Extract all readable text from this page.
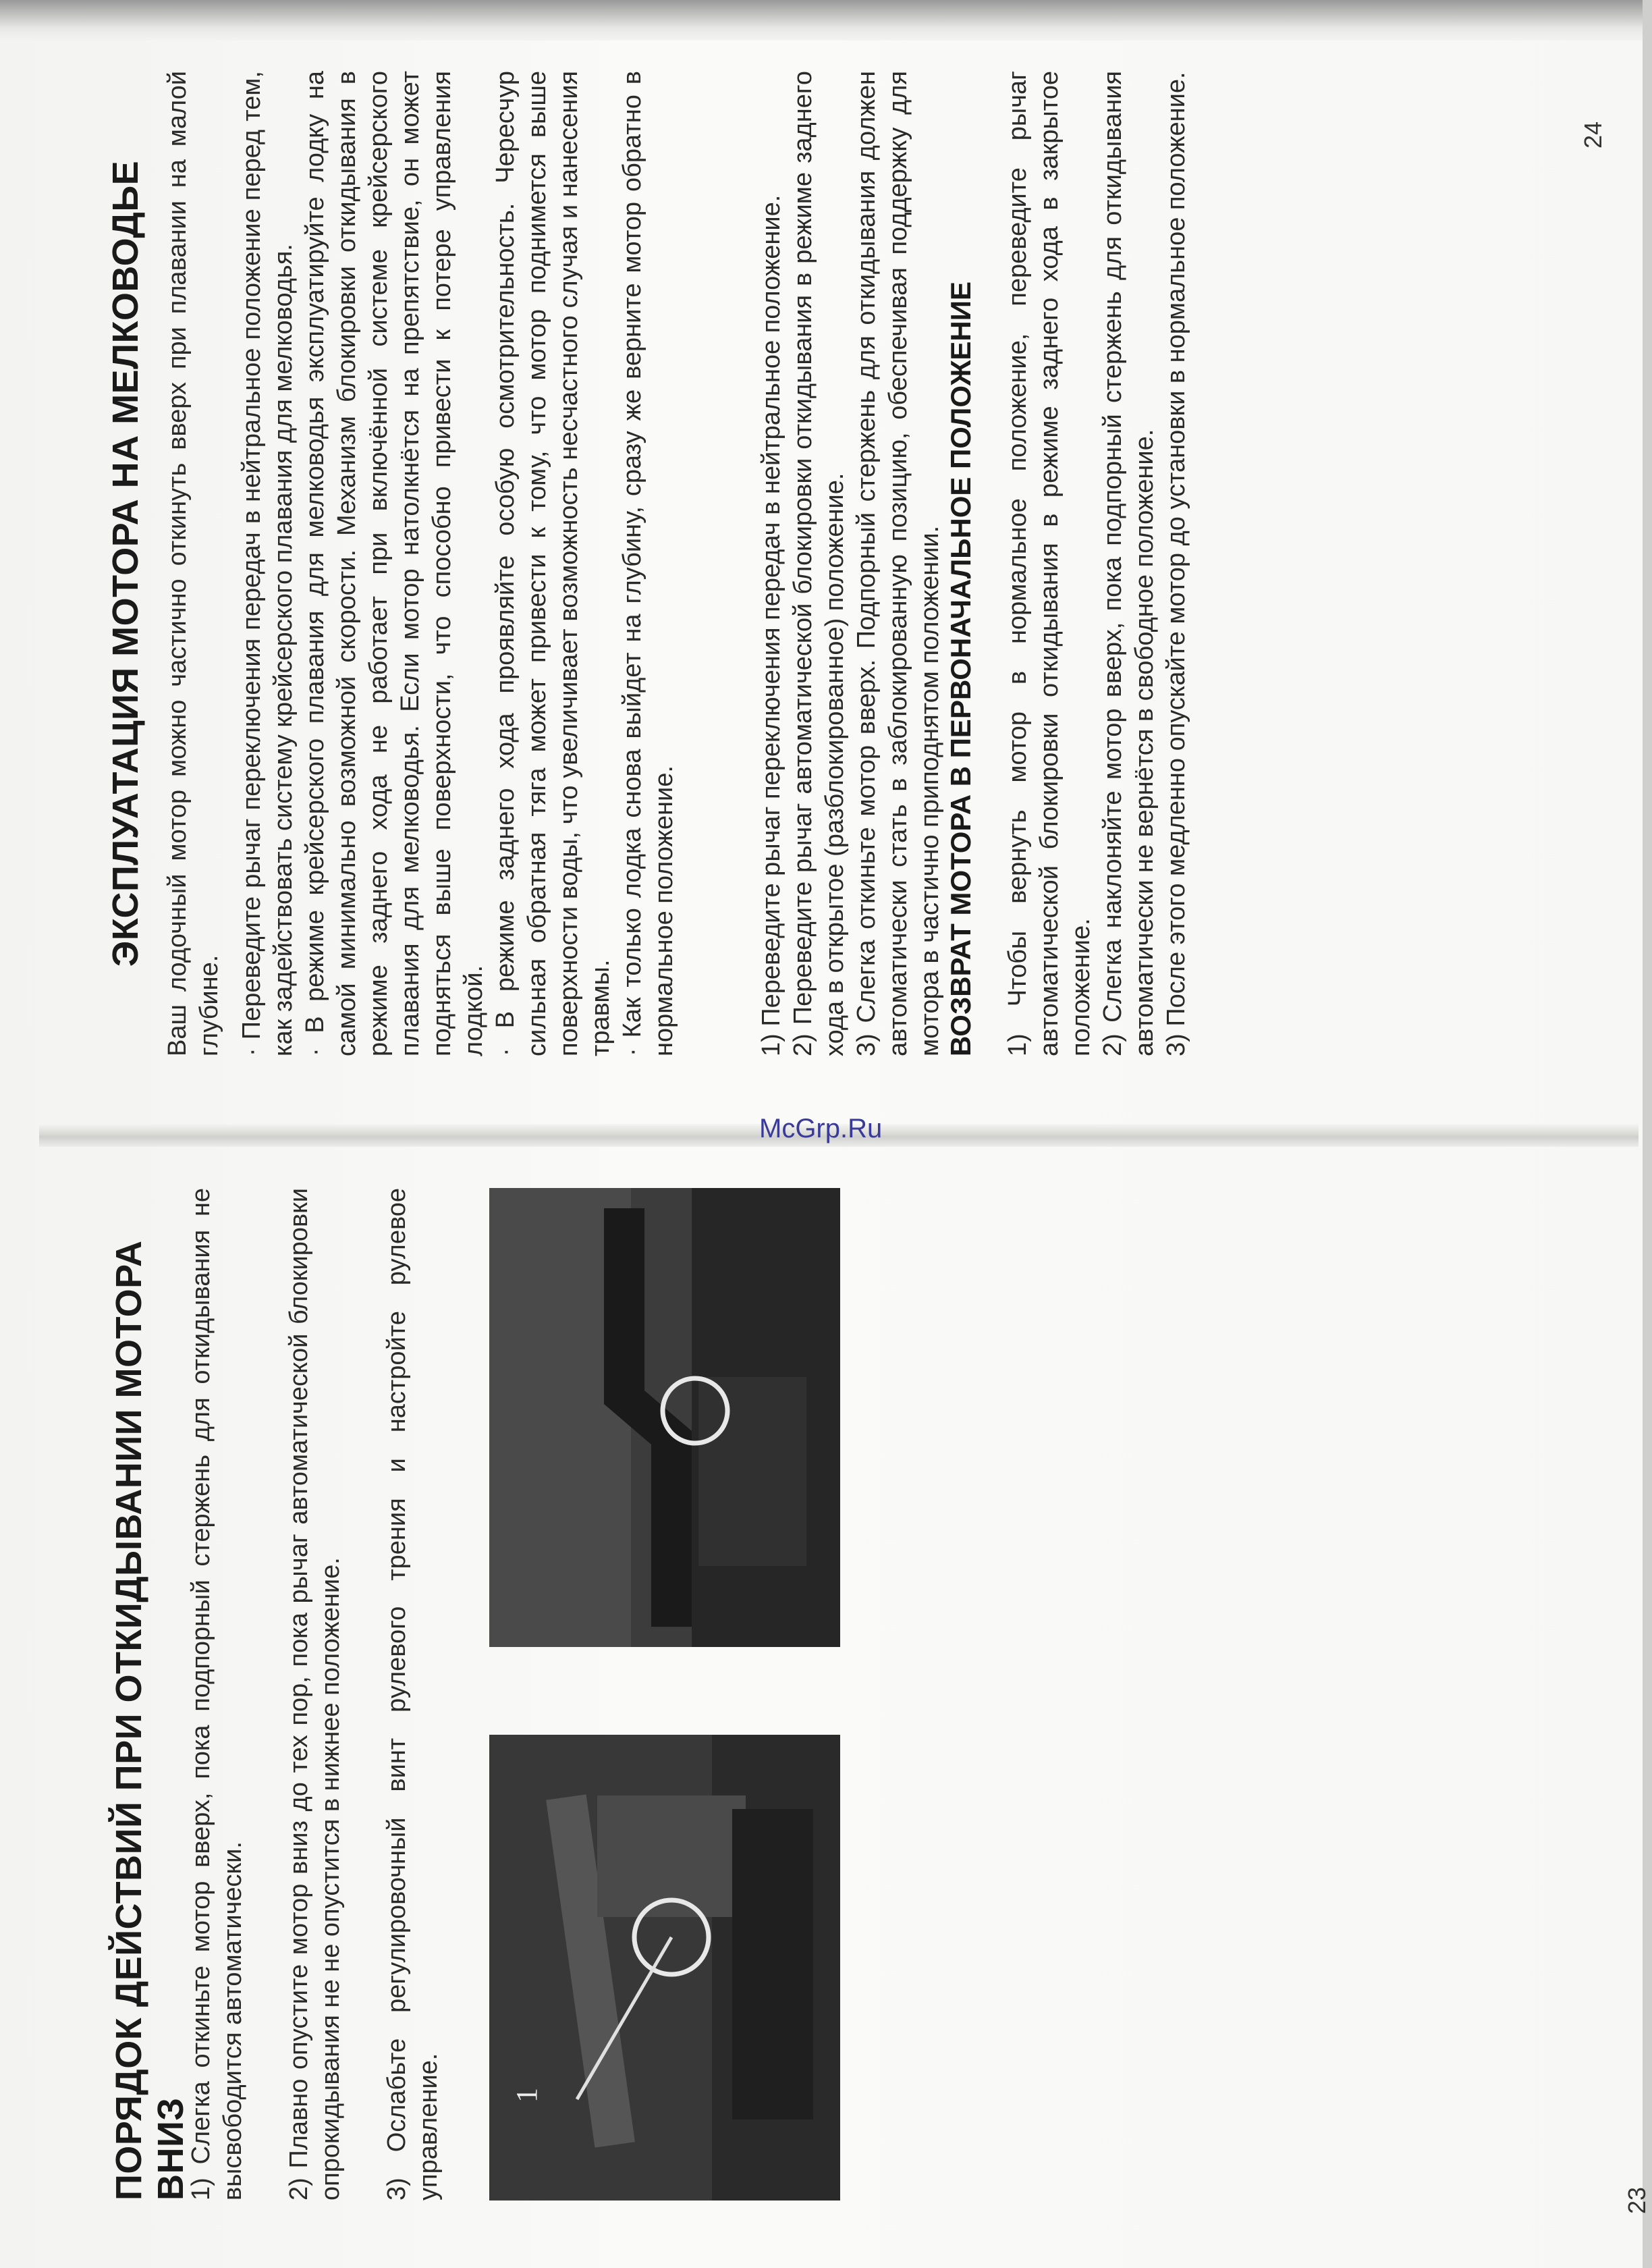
ПОРЯДОК ДЕЙСТВИЙ ПРИ ОТКИДЫВАНИИ МОТОРА ВНИЗ

1) Слегка откиньте мотор вверх, пока подпорный стержень для откидывания не высвободится автоматически. 2) Плавно опустите мотор вниз до тех пор, пока рычаг автоматической блокировки опрокидывания не не опустится в нижнее положение. 3) Ослабьте регулировочный винт рулевого трения и настройте рулевое управление. 1
23
ЭКСПЛУАТАЦИЯ МОТОРА НА МЕЛКОВОДЬЕ Ваш лодочный мотор можно частично откинуть вверх при плавании на малой глубине. · Переведите рычаг переключения передач в нейтральное положение перед тем, как задействовать систему крейсерского плавания для мелководья. · В режиме крейсерского плавания для мелководья эксплуатируйте лодку на самой минимально возможной скорости. Механизм блокировки откидывания в режиме заднего хода не работает при включённой системе крейсерского плавания для мелководья. Если мотор натолкнётся на препятствие, он может подняться выше поверхности, что способно привести к потере управления лодкой. · В режиме заднего хода проявляйте особую осмотрительность. Чересчур сильная обратная тяга может привести к тому, что мотор поднимется выше поверхности воды, что увеличивает возможность несчастного случая и нанесения травмы. · Как только лодка снова выйдет на глубину, сразу же верните мотор обратно в нормальное положение.	1) Переведите рычаг переключения передач в нейтральное положение. 2) Переведите рычаг автоматической блокировки откидывания в режиме заднего хода в открытое (разблокированное) положение. 3) Слегка откиньте мотор вверх. Подпорный стержень для откидывания должен автоматически стать в заблокированную позицию, обеспечивая поддержку для мотора в частично приподнятом положении. ВОЗВРАТ МОТОРА В ПЕРВОНАЧАЛЬНОЕ ПОЛОЖЕНИЕ 1) Чтобы вернуть мотор в нормальное положение, переведите рычаг автоматической блокировки откидывания в режиме заднего хода в закрытое положение. 2) Слегка наклоняйте мотор вверх, пока подпорный стержень для откидывания автоматически не вернётся в свободное положение. 3) После этого медленно опускайте мотор до установки в нормальное положение.	24
McGrp.Ru
